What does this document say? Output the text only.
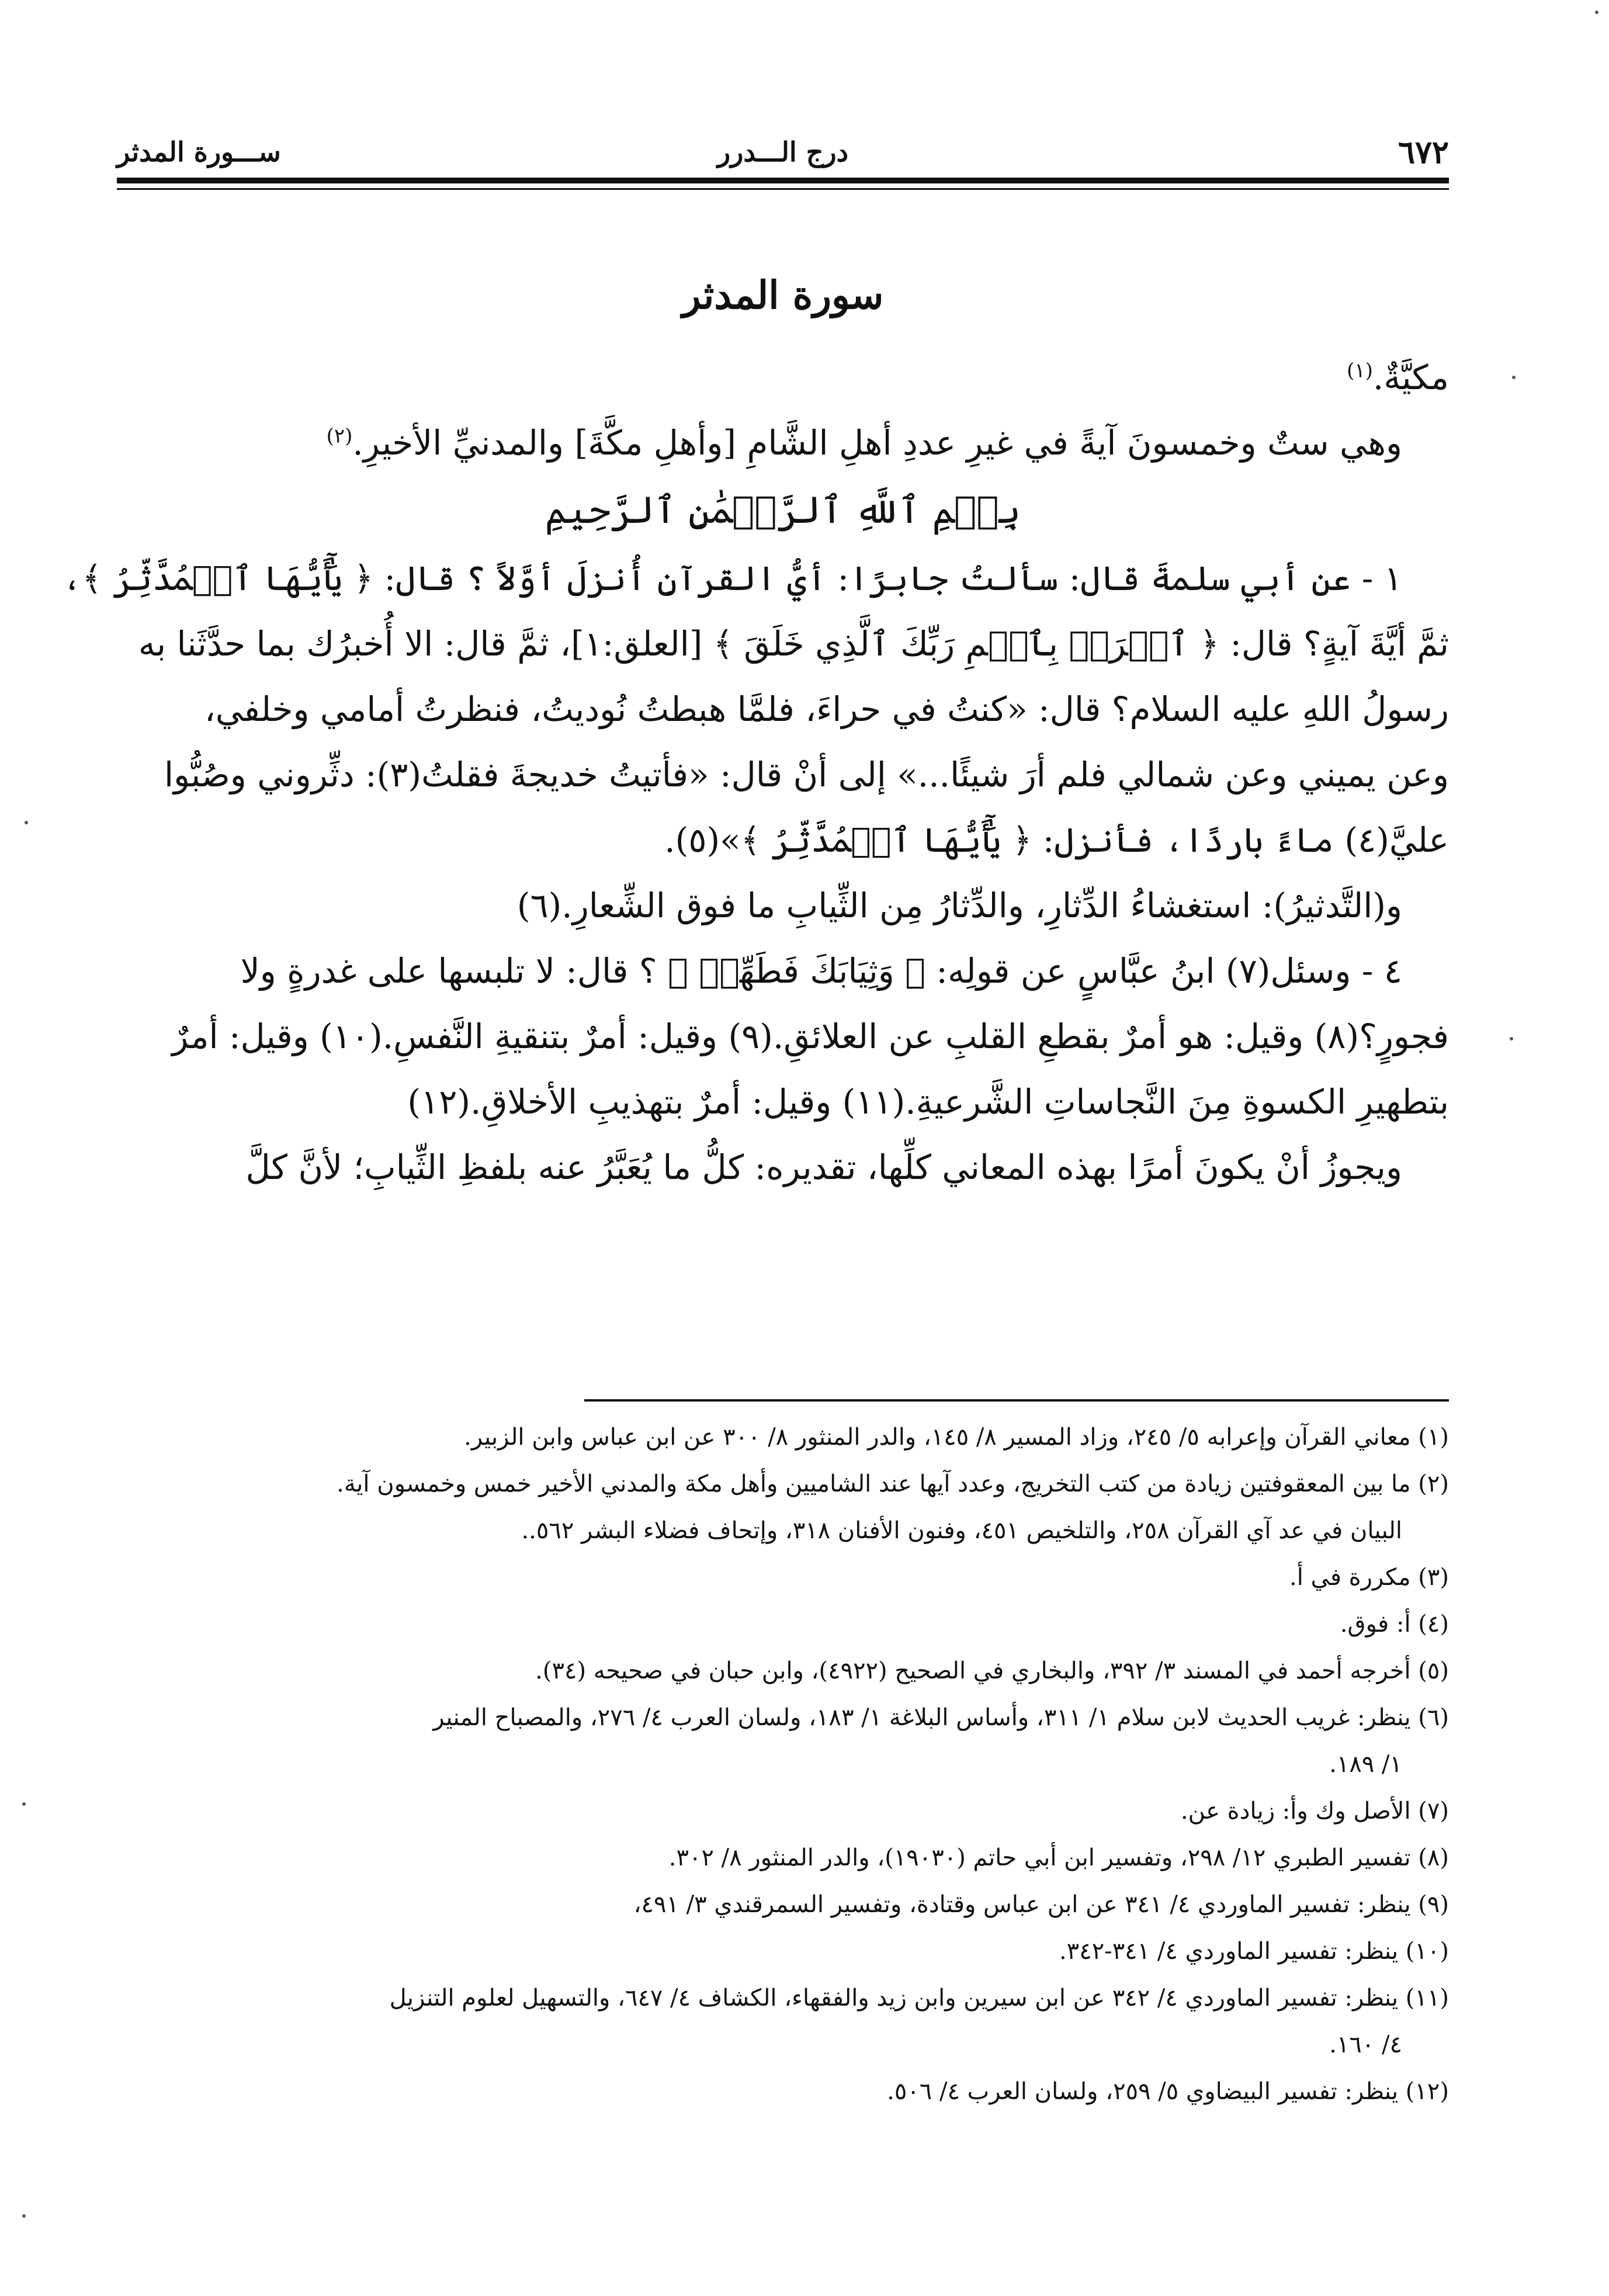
٦٧٢
درج الـــدرر
ســـورة المدثر
سورة المدثر

مكيَّةٌ.$^{(١)}$

وهي ستٌ وخمسونَ آيةً في غيرِ عددِ أهلِ الشَّامِ [وأهلِ مكَّةَ] والمدنيِّ الأخيرِ.$^{(٢)}$

بِسۡمِ ٱللَّهِ ٱلرَّحۡمَٰنِ ٱلرَّحِيمِ

١ - عن أبي سلمةَ قال: سألتُ جابرًا: أيُّ القرآنِ أُنزلَ أوَّلاً ؟ قال: ﴿ يَٰٓأَيُّهَا ٱلۡمُدَّثِّرُ ﴾،

ثمَّ أيَّةَ آيةٍ؟ قال: ﴿ ٱقۡرَأۡ بِٱسۡمِ رَبِّكَ ٱلَّذِي خَلَقَ ﴾ [العلق:١]، ثمَّ قال: الا أُخبرُك بما حدَّثَنا به

رسولُ اللهِ عليه السلام؟ قال: «كنتُ في حراءَ، فلمَّا هبطتُ نُوديتُ، فنظرتُ أمامي وخلفي،

وعن يميني وعن شمالي فلم أرَ شيئًا...» إلى أنْ قال: «فأتيتُ خديجةَ فقلتُ(٣): دثِّروني وصُبُّوا

عليَّ(٤) ماءً باردًا، فأنزل: ﴿ يَٰٓأَيُّهَا ٱلۡمُدَّثِّرُ ﴾»(٥).

و(التَّدثيرُ): استغشاءُ الدِّثارِ، والدِّثارُ مِن الثِّيابِ ما فوق الشِّعارِ.(٦)

٤ - وسئل(٧) ابنُ عبَّاسٍ عن قولِه: ﴿ وَثِيَابَكَ فَطَهِّرۡ ﴾ ؟ قال: لا تلبسها على غدرةٍ ولا

فجورٍ؟(٨) وقيل: هو أمرٌ بقطعِ القلبِ عن العلائقِ.(٩) وقيل: أمرٌ بتنقيةِ النَّفسِ.(١٠) وقيل: أمرٌ

بتطهيرِ الكسوةِ مِنَ النَّجاساتِ الشَّرعيةِ.(١١) وقيل: أمرٌ بتهذيبِ الأخلاقِ.(١٢)

ويجوزُ أنْ يكونَ أمرًا بهذه المعاني كلِّها، تقديره: كلُّ ما يُعَبَّرُ عنه بلفظِ الثِّيابِ؛ لأنَّ كلَّ

(١) معاني القرآن وإعرابه ٥/ ٢٤٥، وزاد المسير ٨/ ١٤٥، والدر المنثور ٨/ ٣٠٠ عن ابن عباس وابن الزبير.

(٢) ما بين المعقوفتين زيادة من كتب التخريج، وعدد آيها عند الشاميين وأهل مكة والمدني الأخير خمس وخمسون آية.

البيان في عد آي القرآن ٢٥٨، والتلخيص ٤٥١، وفنون الأفنان ٣١٨، وإتحاف فضلاء البشر ٥٦٢..

(٣) مكررة في أ.

(٤) أ: فوق.

(٥) أخرجه أحمد في المسند ٣/ ٣٩٢، والبخاري في الصحيح (٤٩٢٢)، وابن حبان في صحيحه (٣٤).

(٦) ينظر: غريب الحديث لابن سلام ١/ ٣١١، وأساس البلاغة ١/ ١٨٣، ولسان العرب ٤/ ٢٧٦، والمصباح المنير

١/ ١٨٩.

(٧) الأصل وك وأ: زيادة عن.

(٨) تفسير الطبري ١٢/ ٢٩٨، وتفسير ابن أبي حاتم (١٩٠٣٠)، والدر المنثور ٨/ ٣٠٢.

(٩) ينظر: تفسير الماوردي ٤/ ٣٤١ عن ابن عباس وقتادة، وتفسير السمرقندي ٣/ ٤٩١،

(١٠) ينظر: تفسير الماوردي ٤/ ٣٤١-٣٤٢.

(١١) ينظر: تفسير الماوردي ٤/ ٣٤٢ عن ابن سيرين وابن زيد والفقهاء، الكشاف ٤/ ٦٤٧، والتسهيل لعلوم التنزيل

٤/ ١٦٠.

(١٢) ينظر: تفسير البيضاوي ٥/ ٢٥٩، ولسان العرب ٤/ ٥٠٦.
